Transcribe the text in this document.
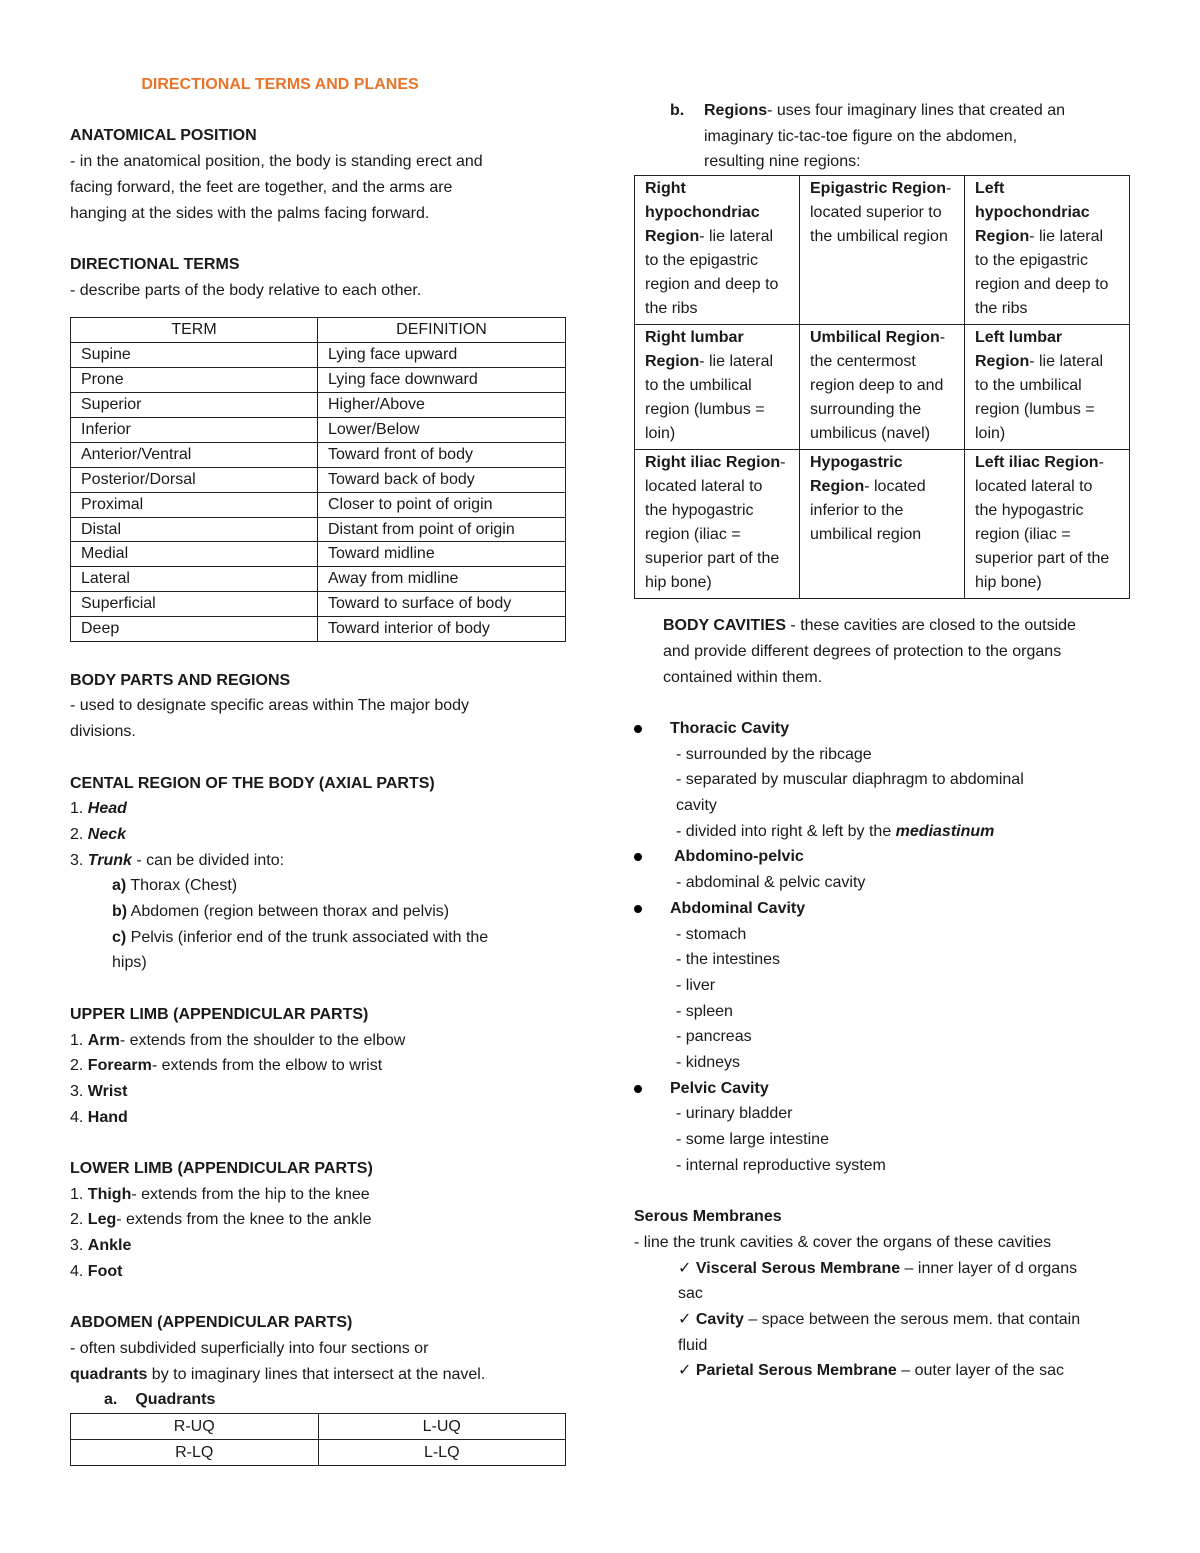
DIRECTIONAL TERMS AND PLANES

ANATOMICAL POSITION

- in the anatomical position, the body is standing erect and

facing forward, the feet are together, and the arms are

hanging at the sides with the palms facing forward.

DIRECTIONAL TERMS

- describe parts of the body relative to each other.

TERM	DEFINITION
Supine	Lying face upward
Prone	Lying face downward
Superior	Higher/Above
Inferior	Lower/Below
Anterior/Ventral	Toward front of body
Posterior/Dorsal	Toward back of body
Proximal	Closer to point of origin
Distal	Distant from point of origin
Medial	Toward midline
Lateral	Away from midline
Superficial	Toward to surface of body
Deep	Toward interior of body

BODY PARTS AND REGIONS

- used to designate specific areas within The major body

divisions.

CENTAL REGION OF THE BODY (AXIAL PARTS)

1. Head

2. Neck

3. Trunk - can be divided into:

a) Thorax (Chest)

b) Abdomen (region between thorax and pelvis)

c) Pelvis (inferior end of the trunk associated with the

hips)

UPPER LIMB (APPENDICULAR PARTS)

1. Arm- extends from the shoulder to the elbow

2. Forearm- extends from the elbow to wrist

3. Wrist

4. Hand

LOWER LIMB (APPENDICULAR PARTS)

1. Thigh- extends from the hip to the knee

2. Leg- extends from the knee to the ankle

3. Ankle

4. Foot

ABDOMEN (APPENDICULAR PARTS)

- often subdivided superficially into four sections or

quadrants by to imaginary lines that intersect at the navel.

a. Quadrants

R-UQ	L-UQ
R-LQ	L-LQ
b. Regions- uses four imaginary lines that created an

imaginary tic-tac-toe figure on the abdomen,

resulting nine regions:

Right hypochondriac Region- lie lateral to the epigastric region and deep to the ribs	Epigastric Region- located superior to the umbilical region	Left hypochondriac Region- lie lateral to the epigastric region and deep to the ribs
Right lumbar Region- lie lateral to the umbilical region (lumbus = loin)	Umbilical Region- the centermost region deep to and surrounding the umbilicus (navel)	Left lumbar Region- lie lateral to the umbilical region (lumbus = loin)
Right iliac Region- located lateral to the hypogastric region (iliac = superior part of the hip bone)	Hypogastric Region- located inferior to the umbilical region	Left iliac Region- located lateral to the hypogastric region (iliac = superior part of the hip bone)

BODY CAVITIES - these cavities are closed to the outside

and provide different degrees of protection to the organs

contained within them.

Thoracic Cavity

- surrounded by the ribcage

- separated by muscular diaphragm to abdominal

cavity

- divided into right & left by the mediastinum

Abdomino-pelvic

- abdominal & pelvic cavity

Abdominal Cavity

- stomach

- the intestines

- liver

- spleen

- pancreas

- kidneys

Pelvic Cavity

- urinary bladder

- some large intestine

- internal reproductive system

Serous Membranes

- line the trunk cavities & cover the organs of these cavities

✓ Visceral Serous Membrane – inner layer of d organs

sac

✓ Cavity – space between the serous mem. that contain

fluid

✓ Parietal Serous Membrane – outer layer of the sac
